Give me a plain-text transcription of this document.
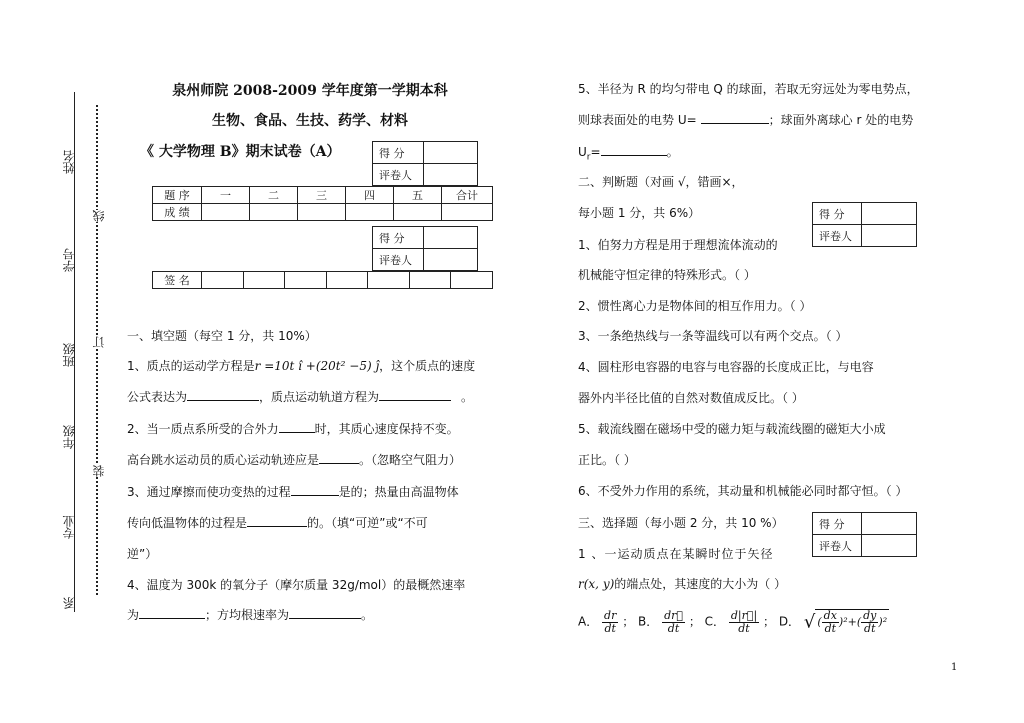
姓名
学号
班级
年级
专业
系
线
订
装
泉州师院 2008-2009 学年度第一学期本科
生物、食品、生技、药学、材料
《 大学物理 B》期末试卷（A）	得 分	
评卷人	
题 序	一	二	三	四	五	合计
成 绩						
得 分	
评卷人	
签 名							
一、填空题（每空 1 分，共 10%）
1、质点的运动学方程是r =10t î +(20t² −5) ĵ，这个质点的速度
公式表达为	，质点运动轨道方程为	。
2、当一质点系所受的合外力	时，其质心速度保持不变。
高台跳水运动员的质心运动轨迹应是	。（忽略空气阻力）
3、通过摩擦而使功变热的过程	是的；热量由高温物体
传向低温物体的过程是	的。（填“可逆”或“不可
逆”）
4、温度为 300k 的氧分子（摩尔质量 32g/mol）的最概然速率
为	；方均根速率为	。
5、半径为 R 的均匀带电 Q 的球面，若取无穷远处为零电势点，
则球表面处的电势 U=	；球面外离球心 r 处的电势
$U_r=$	。
二、判断题（对画 √，错画×，
每小题 1 分，共 6%）	得 分	
评卷人	
1、伯努力方程是用于理想流体流动的
机械能守恒定律的特殊形式。（ ）
2、惯性离心力是物体间的相互作用力。（ ）
3、一条绝热线与一条等温线可以有两个交点。（ ）
4、圆柱形电容器的电容与电容器的长度成正比，与电容
器外内半径比值的自然对数值成反比。（ ）
5、载流线圈在磁场中受的磁力矩与载流线圈的磁矩大小成
正比。（ ）
6、不受外力作用的系统，其动量和机械能必同时都守恒。（ ）
三、选择题（每小题 2 分，共 10 %）	得 分	
评卷人	
1 、一运动质点在某瞬时位于矢径
r(x, y)的端点处，其速度的大小为（ ）
A． $\frac{dr}{dt}$ ； B． $\frac{dr⃗}{dt}$ ； C． $\frac{d|r⃗|}{dt}$ ； D． √ ( $\frac{dx}{dt} )^2+( \frac{dy}{dt} )^2$
1
